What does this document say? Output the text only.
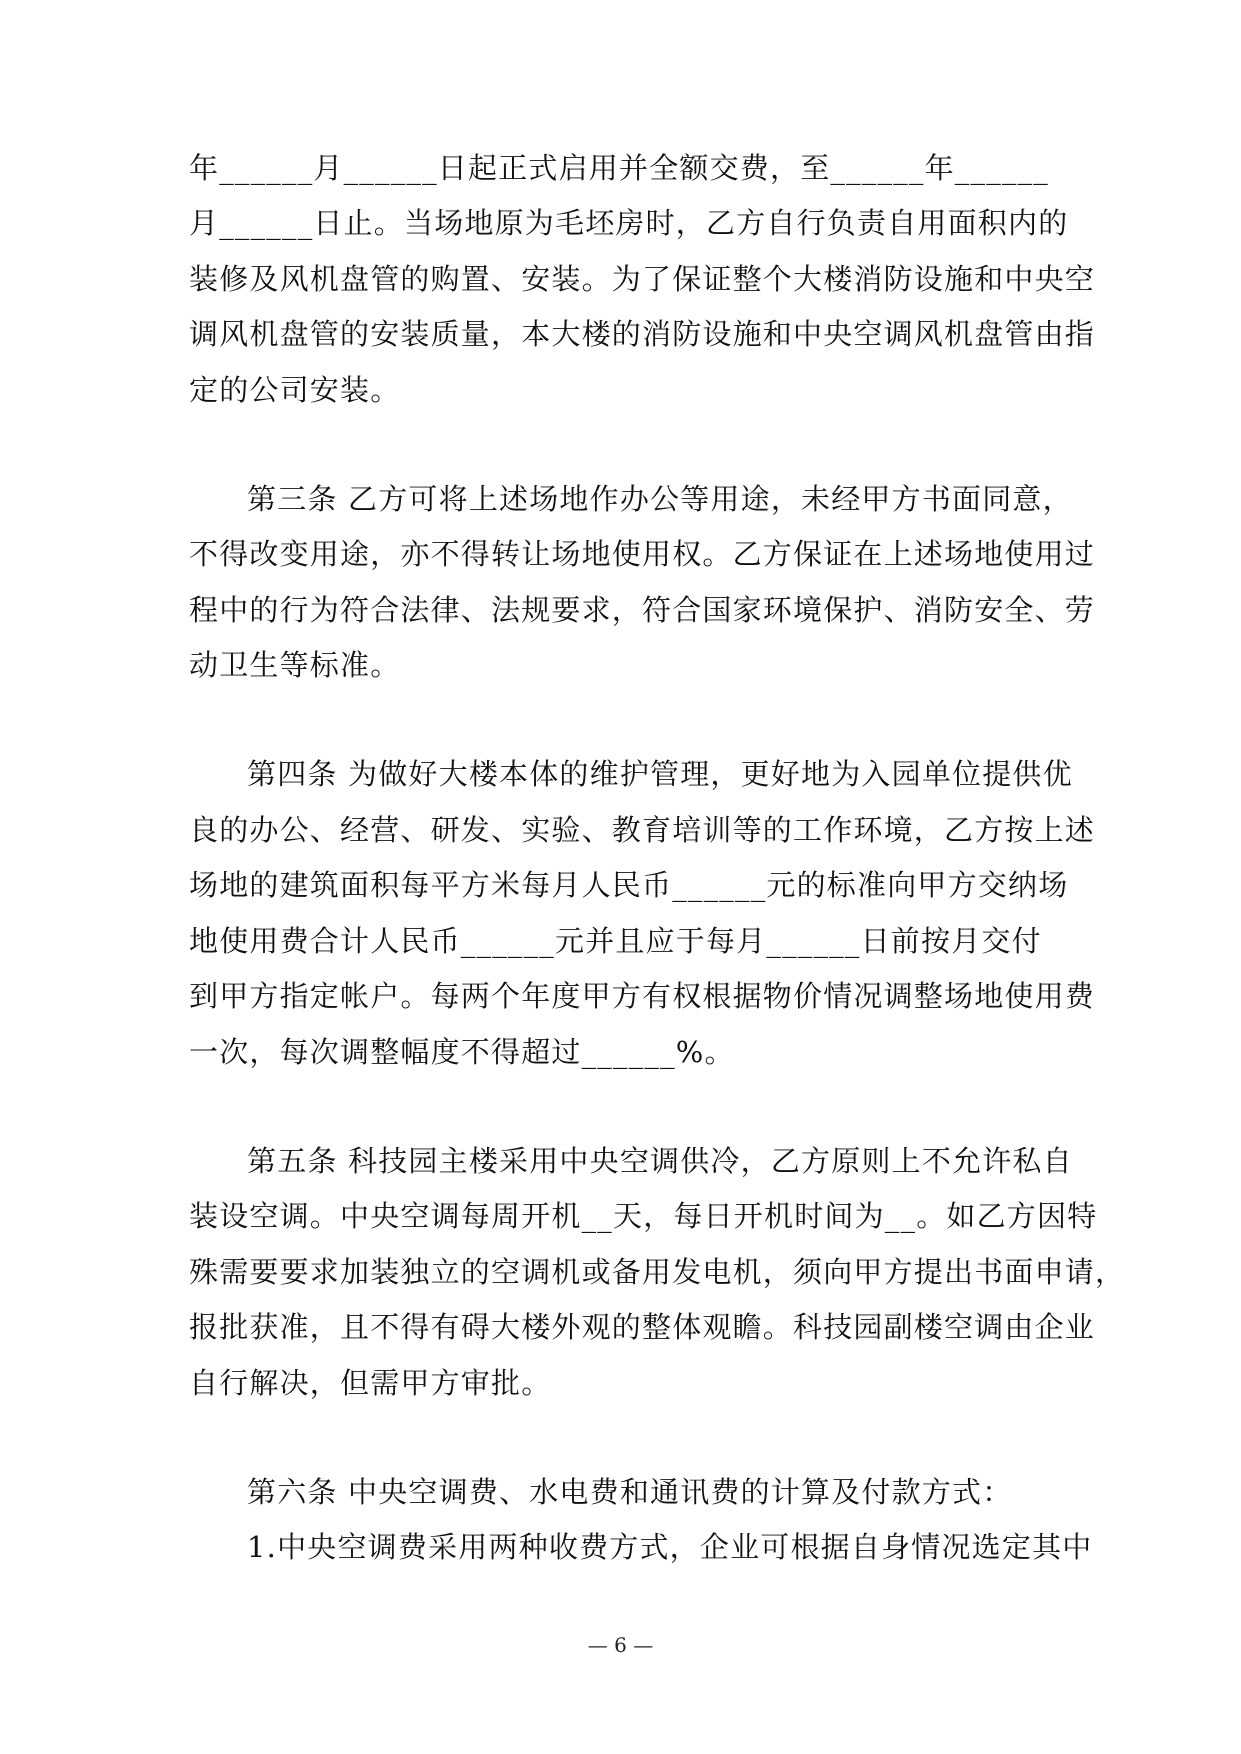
年______月______日起正式启用并全额交费，至______年______
月______日止。当场地原为毛坯房时，乙方自行负责自用面积内的
装修及风机盘管的购置、安装。为了保证整个大楼消防设施和中央空
调风机盘管的安装质量，本大楼的消防设施和中央空调风机盘管由指
定的公司安装。
第三条 乙方可将上述场地作办公等用途，未经甲方书面同意，
不得改变用途，亦不得转让场地使用权。乙方保证在上述场地使用过
程中的行为符合法律、法规要求，符合国家环境保护、消防安全、劳
动卫生等标准。
第四条 为做好大楼本体的维护管理，更好地为入园单位提供优
良的办公、经营、研发、实验、教育培训等的工作环境，乙方按上述
场地的建筑面积每平方米每月人民币______元的标准向甲方交纳场
地使用费合计人民币______元并且应于每月______日前按月交付
到甲方指定帐户。每两个年度甲方有权根据物价情况调整场地使用费
一次，每次调整幅度不得超过______%。
第五条 科技园主楼采用中央空调供冷，乙方原则上不允许私自
装设空调。中央空调每周开机__天，每日开机时间为__。如乙方因特
殊需要要求加装独立的空调机或备用发电机，须向甲方提出书面申请，
报批获准，且不得有碍大楼外观的整体观瞻。科技园副楼空调由企业
自行解决，但需甲方审批。
第六条 中央空调费、水电费和通讯费的计算及付款方式：
1.中央空调费采用两种收费方式，企业可根据自身情况选定其中
— 6 —
